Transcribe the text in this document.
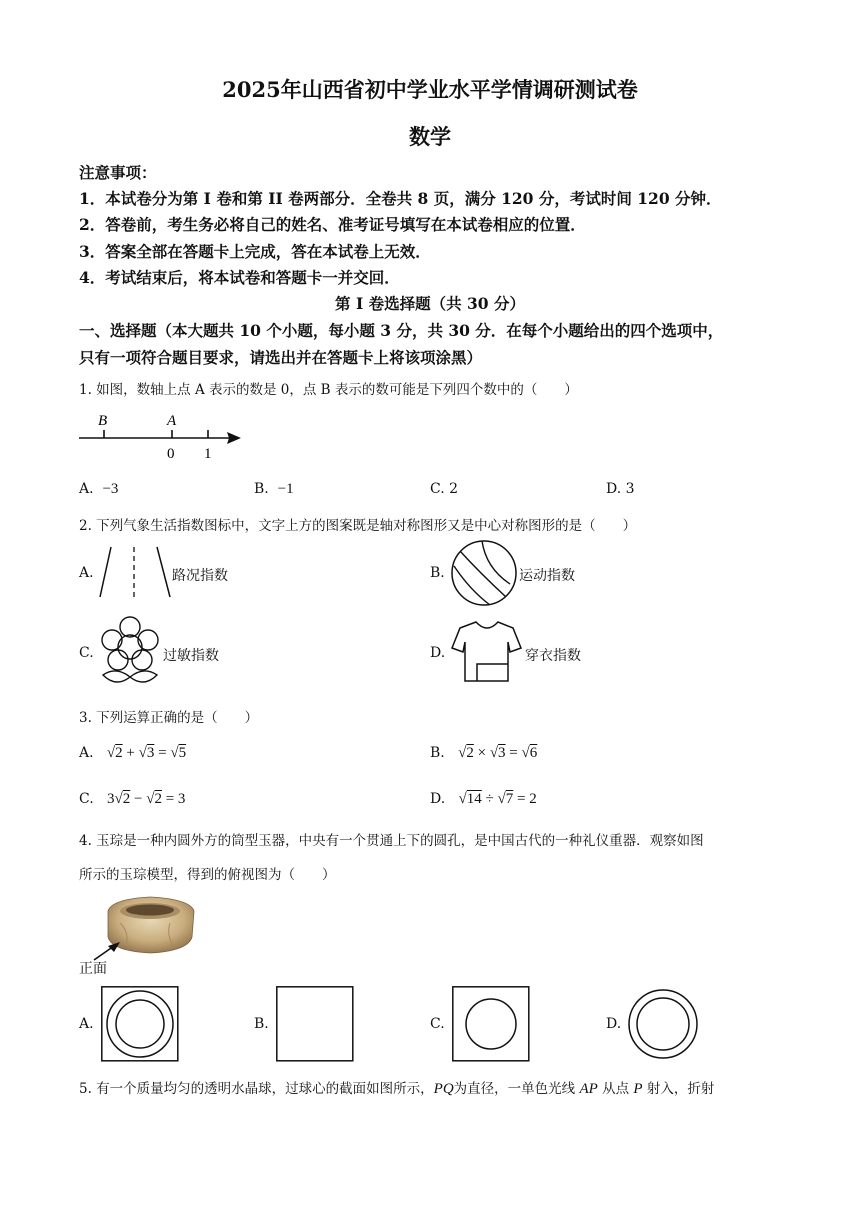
2025年山西省初中学业水平学情调研测试卷
数学
注意事项：
1．本试卷分为第 I 卷和第 II 卷两部分．全卷共 8 页，满分 120 分，考试时间 120 分钟．
2．答卷前，考生务必将自己的姓名、准考证号填写在本试卷相应的位置．
3．答案全部在答题卡上完成，答在本试卷上无效．
4．考试结束后，将本试卷和答题卡一并交回．
第 I 卷选择题（共 30 分）
一、选择题（本大题共 10 个小题，每小题 3 分，共 30 分．在每个小题给出的四个选项中，
只有一项符合题目要求，请选出并在答题卡上将该项涂黑）
1. 如图，数轴上点 A 表示的数是 0，点 B 表示的数可能是下列四个数中的（　　）
B	A
0 1
A. −3	B. −1	C. 2	D. 3
2. 下列气象生活指数图标中，文字上方的图案既是轴对称图形又是中心对称图形的是（　　）
A.	路况指数	B.	运动指数
C.	过敏指数	D.	穿衣指数
3. 下列运算正确的是（　　）
A. √2 + √3 = √5	B. √2 × √3 = √6
C. 3√2 − √2 = 3	D. √14 ÷ √7 = 2
4. 玉琮是一种内圆外方的筒型玉器，中央有一个贯通上下的圆孔，是中国古代的一种礼仪重器．观察如图
所示的玉琮模型，得到的俯视图为（　　）
正面
A.	B.	C.	D.
5. 有一个质量均匀的透明水晶球，过球心的截面如图所示，PQ为直径，一单色光线 AP 从点 P 射入，折射
